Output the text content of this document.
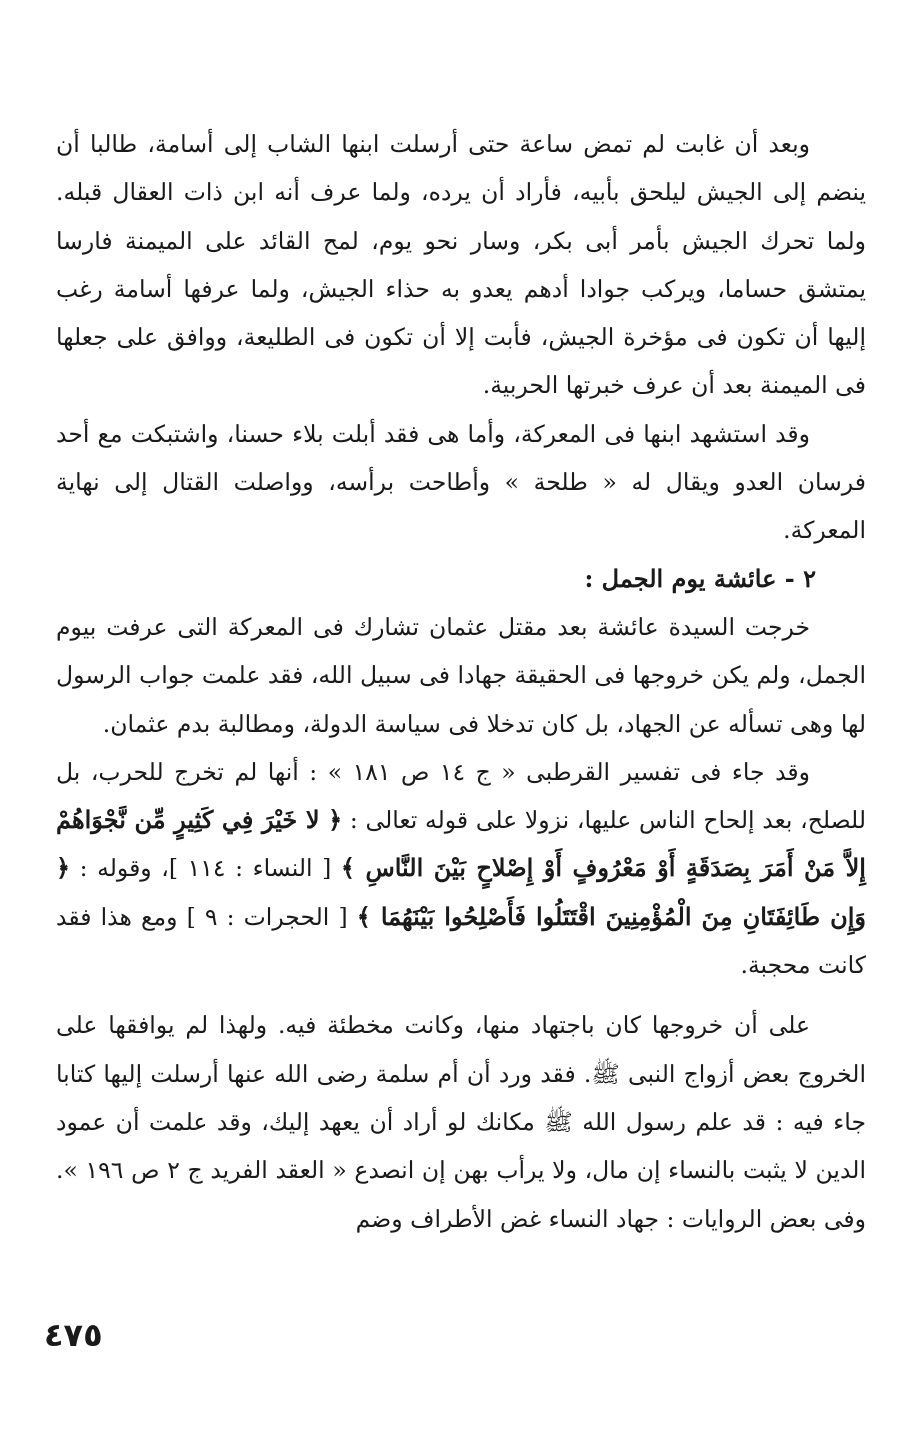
وبعد أن غابت لم تمض ساعة حتى أرسلت ابنها الشاب إلى أسامة، طالبا أن ينضم إلى الجيش ليلحق بأبيه، فأراد أن يرده، ولما عرف أنه ابن ذات العقال قبله. ولما تحرك الجيش بأمر أبى بكر، وسار نحو يوم، لمح القائد على الميمنة فارسا يمتشق حساما، ويركب جوادا أدهم يعدو به حذاء الجيش، ولما عرفها أسامة رغب إليها أن تكون فى مؤخرة الجيش، فأبت إلا أن تكون فى الطليعة، ووافق على جعلها فى الميمنة بعد أن عرف خبرتها الحربية.

وقد استشهد ابنها فى المعركة، وأما هى فقد أبلت بلاء حسنا، واشتبكت مع أحد فرسان العدو ويقال له « طلحة » وأطاحت برأسه، وواصلت القتال إلى نهاية المعركة.

٢ - عائشة يوم الجمل :

خرجت السيدة عائشة بعد مقتل عثمان تشارك فى المعركة التى عرفت بيوم الجمل، ولم يكن خروجها فى الحقيقة جهادا فى سبيل الله، فقد علمت جواب الرسول لها وهى تسأله عن الجهاد، بل كان تدخلا فى سياسة الدولة، ومطالبة بدم عثمان.

وقد جاء فى تفسير القرطبى « ج ١٤ ص ١٨١ » : أنها لم تخرج للحرب، بل للصلح، بعد إلحاح الناس عليها، نزولا على قوله تعالى : ﴿ لا خَيْرَ فِي كَثِيرٍ مِّن نَّجْوَاهُمْ إِلاَّ مَنْ أَمَرَ بِصَدَقَةٍ أَوْ مَعْرُوفٍ أَوْ إِصْلاحٍ بَيْنَ النَّاسِ ﴾ [ النساء : ١١٤ ]، وقوله : ﴿ وَإِن طَائِفَتَانِ مِنَ الْمُؤْمِنِينَ اقْتَتَلُوا فَأَصْلِحُوا بَيْنَهُمَا ﴾ [ الحجرات : ٩ ] ومع هذا فقد كانت محجبة.

على أن خروجها كان باجتهاد منها، وكانت مخطئة فيه. ولهذا لم يوافقها على الخروج بعض أزواج النبى ﷺ. فقد ورد أن أم سلمة رضى الله عنها أرسلت إليها كتابا جاء فيه : قد علم رسول الله ﷺ مكانك لو أراد أن يعهد إليك، وقد علمت أن عمود الدين لا يثبت بالنساء إن مال، ولا يرأب بهن إن انصدع « العقد الفريد ج ٢ ص ١٩٦ ». وفى بعض الروايات : جهاد النساء غض الأطراف وضم

٤٧٥
